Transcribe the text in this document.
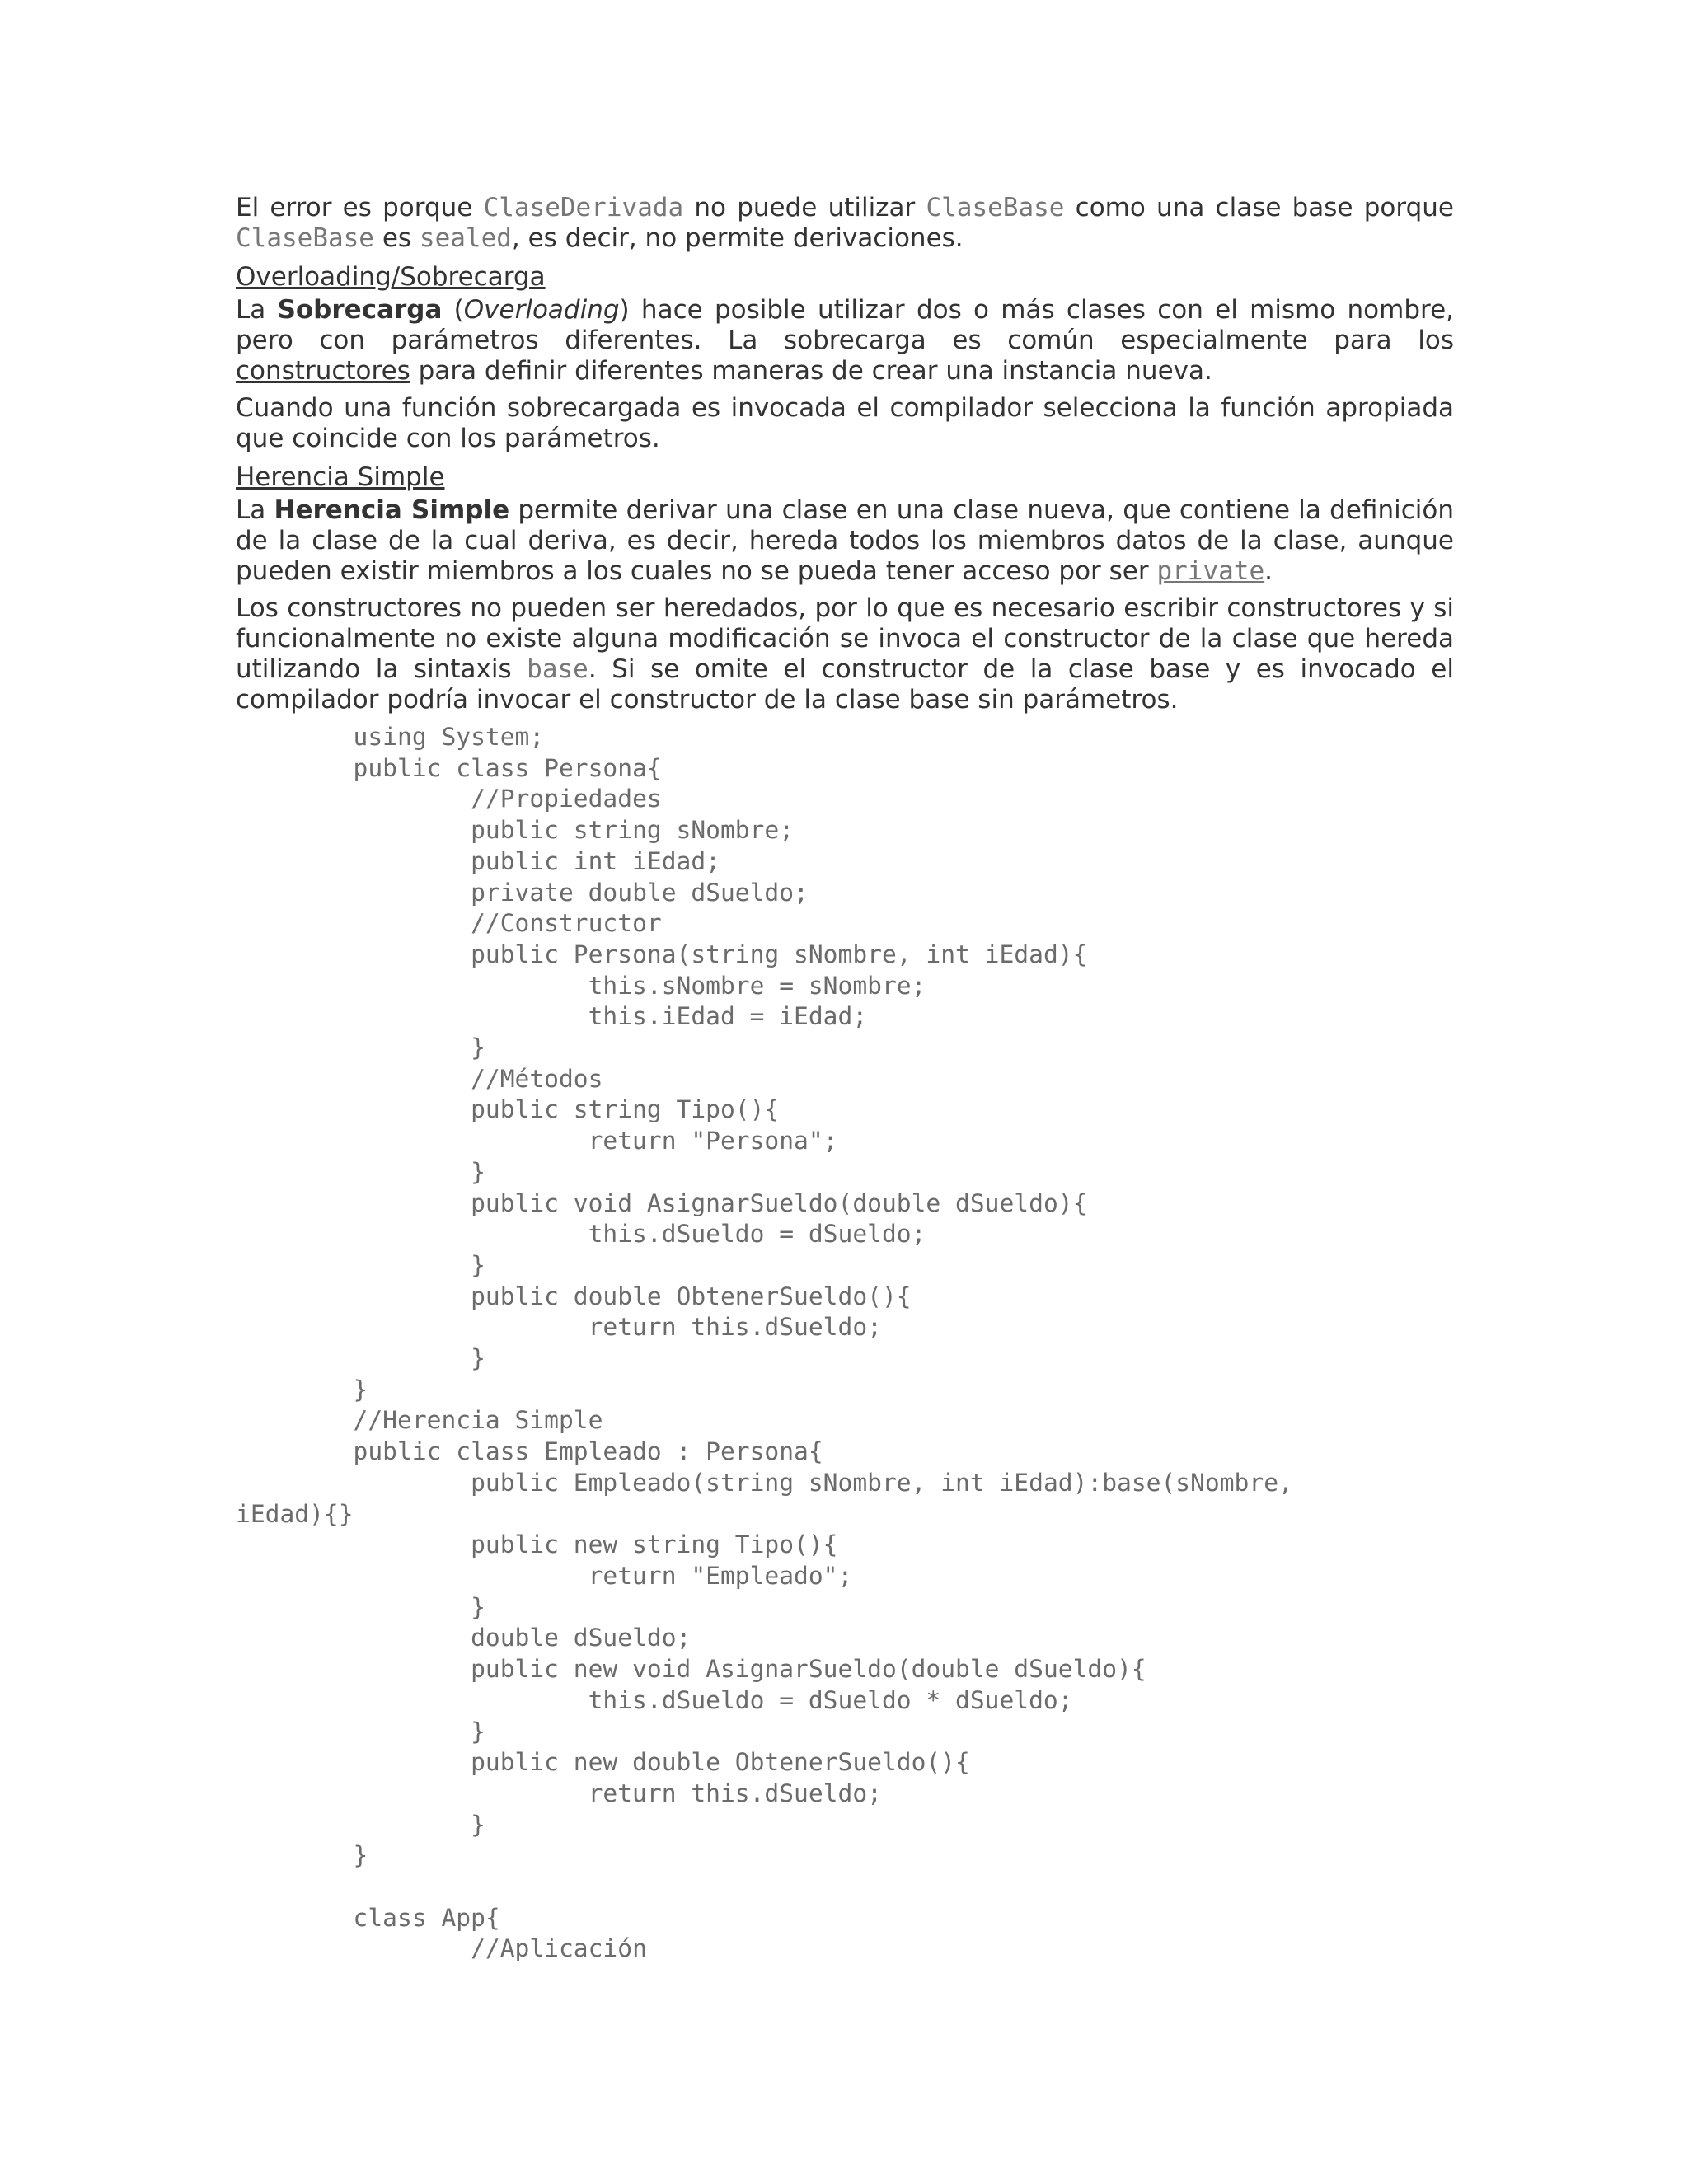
El error es porque ClaseDerivada no puede utilizar ClaseBase como una clase base porque ClaseBase es sealed, es decir, no permite derivaciones.

Overloading/Sobrecarga

La Sobrecarga (Overloading) hace posible utilizar dos o más clases con el mismo nombre, pero con parámetros diferentes. La sobrecarga es común especialmente para los constructores para definir diferentes maneras de crear una instancia nueva.

Cuando una función sobrecargada es invocada el compilador selecciona la función apropiada que coincide con los parámetros.

Herencia Simple

La Herencia Simple permite derivar una clase en una clase nueva, que contiene la definición de la clase de la cual deriva, es decir, hereda todos los miembros datos de la clase, aunque pueden existir miembros a los cuales no se pueda tener acceso por ser private.

Los constructores no pueden ser heredados, por lo que es necesario escribir constructores y si funcionalmente no existe alguna modificación se invoca el constructor de la clase que hereda utilizando la sintaxis base. Si se omite el constructor de la clase base y es invocado el compilador podría invocar el constructor de la clase base sin parámetros.

	using System;
	public class Persona{
		//Propiedades
		public string sNombre;
		public int iEdad;
		private double dSueldo;
		//Constructor
		public Persona(string sNombre, int iEdad){
			this.sNombre = sNombre;
			this.iEdad = iEdad;
		}
		//Métodos
		public string Tipo(){
			return "Persona";
		}
		public void AsignarSueldo(double dSueldo){
			this.dSueldo = dSueldo;
		}
		public double ObtenerSueldo(){
			return this.dSueldo;
		}
	}
	//Herencia Simple
	public class Empleado : Persona{
		public Empleado(string sNombre, int iEdad):base(sNombre,
iEdad){}
		public new string Tipo(){
			return "Empleado";
		}
		double dSueldo;
		public new void AsignarSueldo(double dSueldo){
			this.dSueldo = dSueldo * dSueldo;
		}
		public new double ObtenerSueldo(){
			return this.dSueldo;
		}
	}

	class App{
		//Aplicación
